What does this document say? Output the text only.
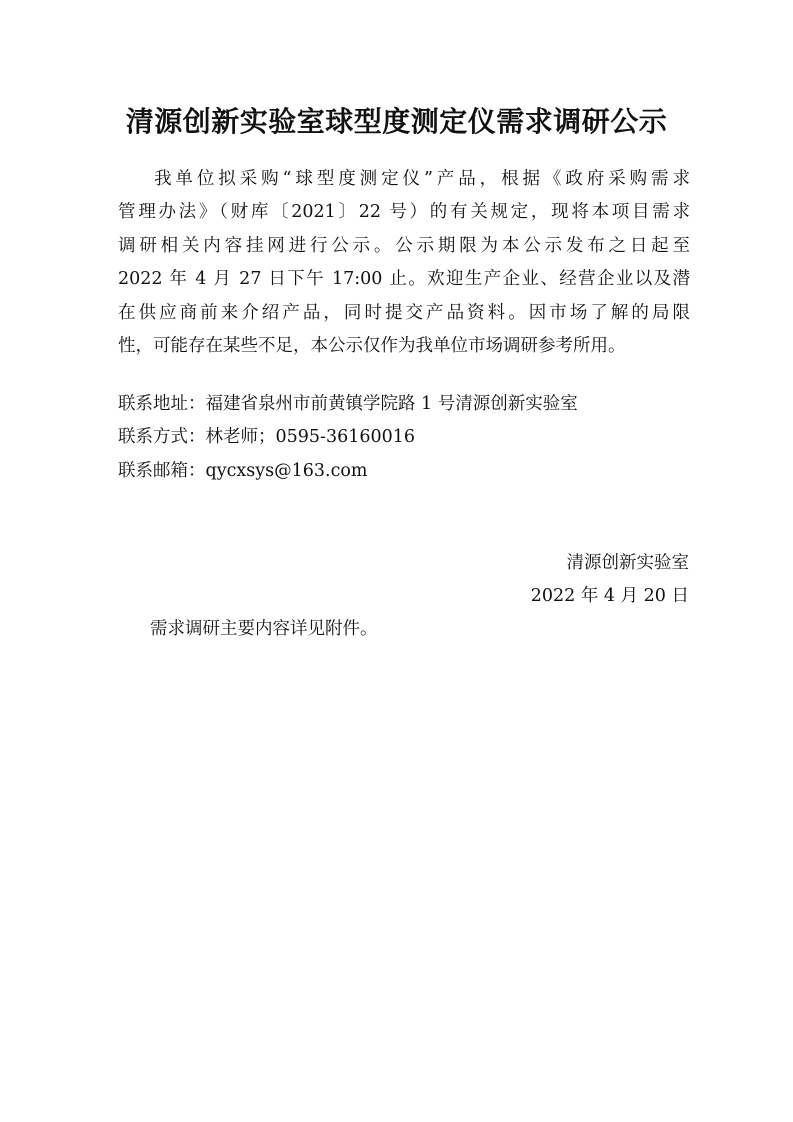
清源创新实验室球型度测定仪需求调研公示
我单位拟采购“球型度测定仪”产品，根据《政府采购需求
管理办法》（财库〔2021〕22 号）的有关规定，现将本项目需求
调研相关内容挂网进行公示。公示期限为本公示发布之日起至
2022 年 4 月 27 日下午 17:00 止。欢迎生产企业、经营企业以及潜
在供应商前来介绍产品，同时提交产品资料。因市场了解的局限
性，可能存在某些不足，本公示仅作为我单位市场调研参考所用。
联系地址：福建省泉州市前黄镇学院路 1 号清源创新实验室
联系方式：林老师；0595-36160016
联系邮箱：qycxsys@163.com
清源创新实验室
2022 年 4 月 20 日
需求调研主要内容详见附件。
